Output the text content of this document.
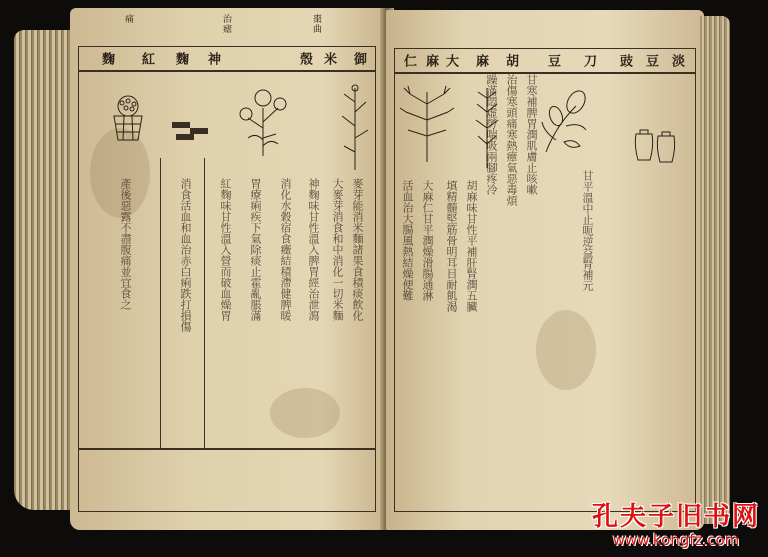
棗曲
治瘧
痛
御
米
殼
神
麴
紅
麴
麥芽能消米麵諸果食積痰飲化
大麥芽消食和中消化一切米麵
神麴味甘性溫入脾胃經治泄瀉
消化水穀宿食癥結積滯健脾暖
胃療痢疾下氣除痰止霍亂脹滿
紅麴味甘性溫入營而破血燥胃
消食活血和血治赤白痢跌打損傷
產後惡露不盡腹痛並宜食之
淡
豆
豉
刀
豆
胡
麻
大
麻
仁
甘平溫中止呃逆益腎補元
甘寒補脾胃潤肌膚止咳嗽
治傷寒頭痛寒熱瘴氣惡毒煩
躁滿悶虛勞喘吸兩腳疼冷
胡麻味甘性平補肝腎潤五臟
填精髓堅筋骨明耳目耐飢渴
大麻仁甘平潤燥滑腸通淋
活血治大腸風熱結燥便難
孔夫子旧书网
www.kongfz.com
